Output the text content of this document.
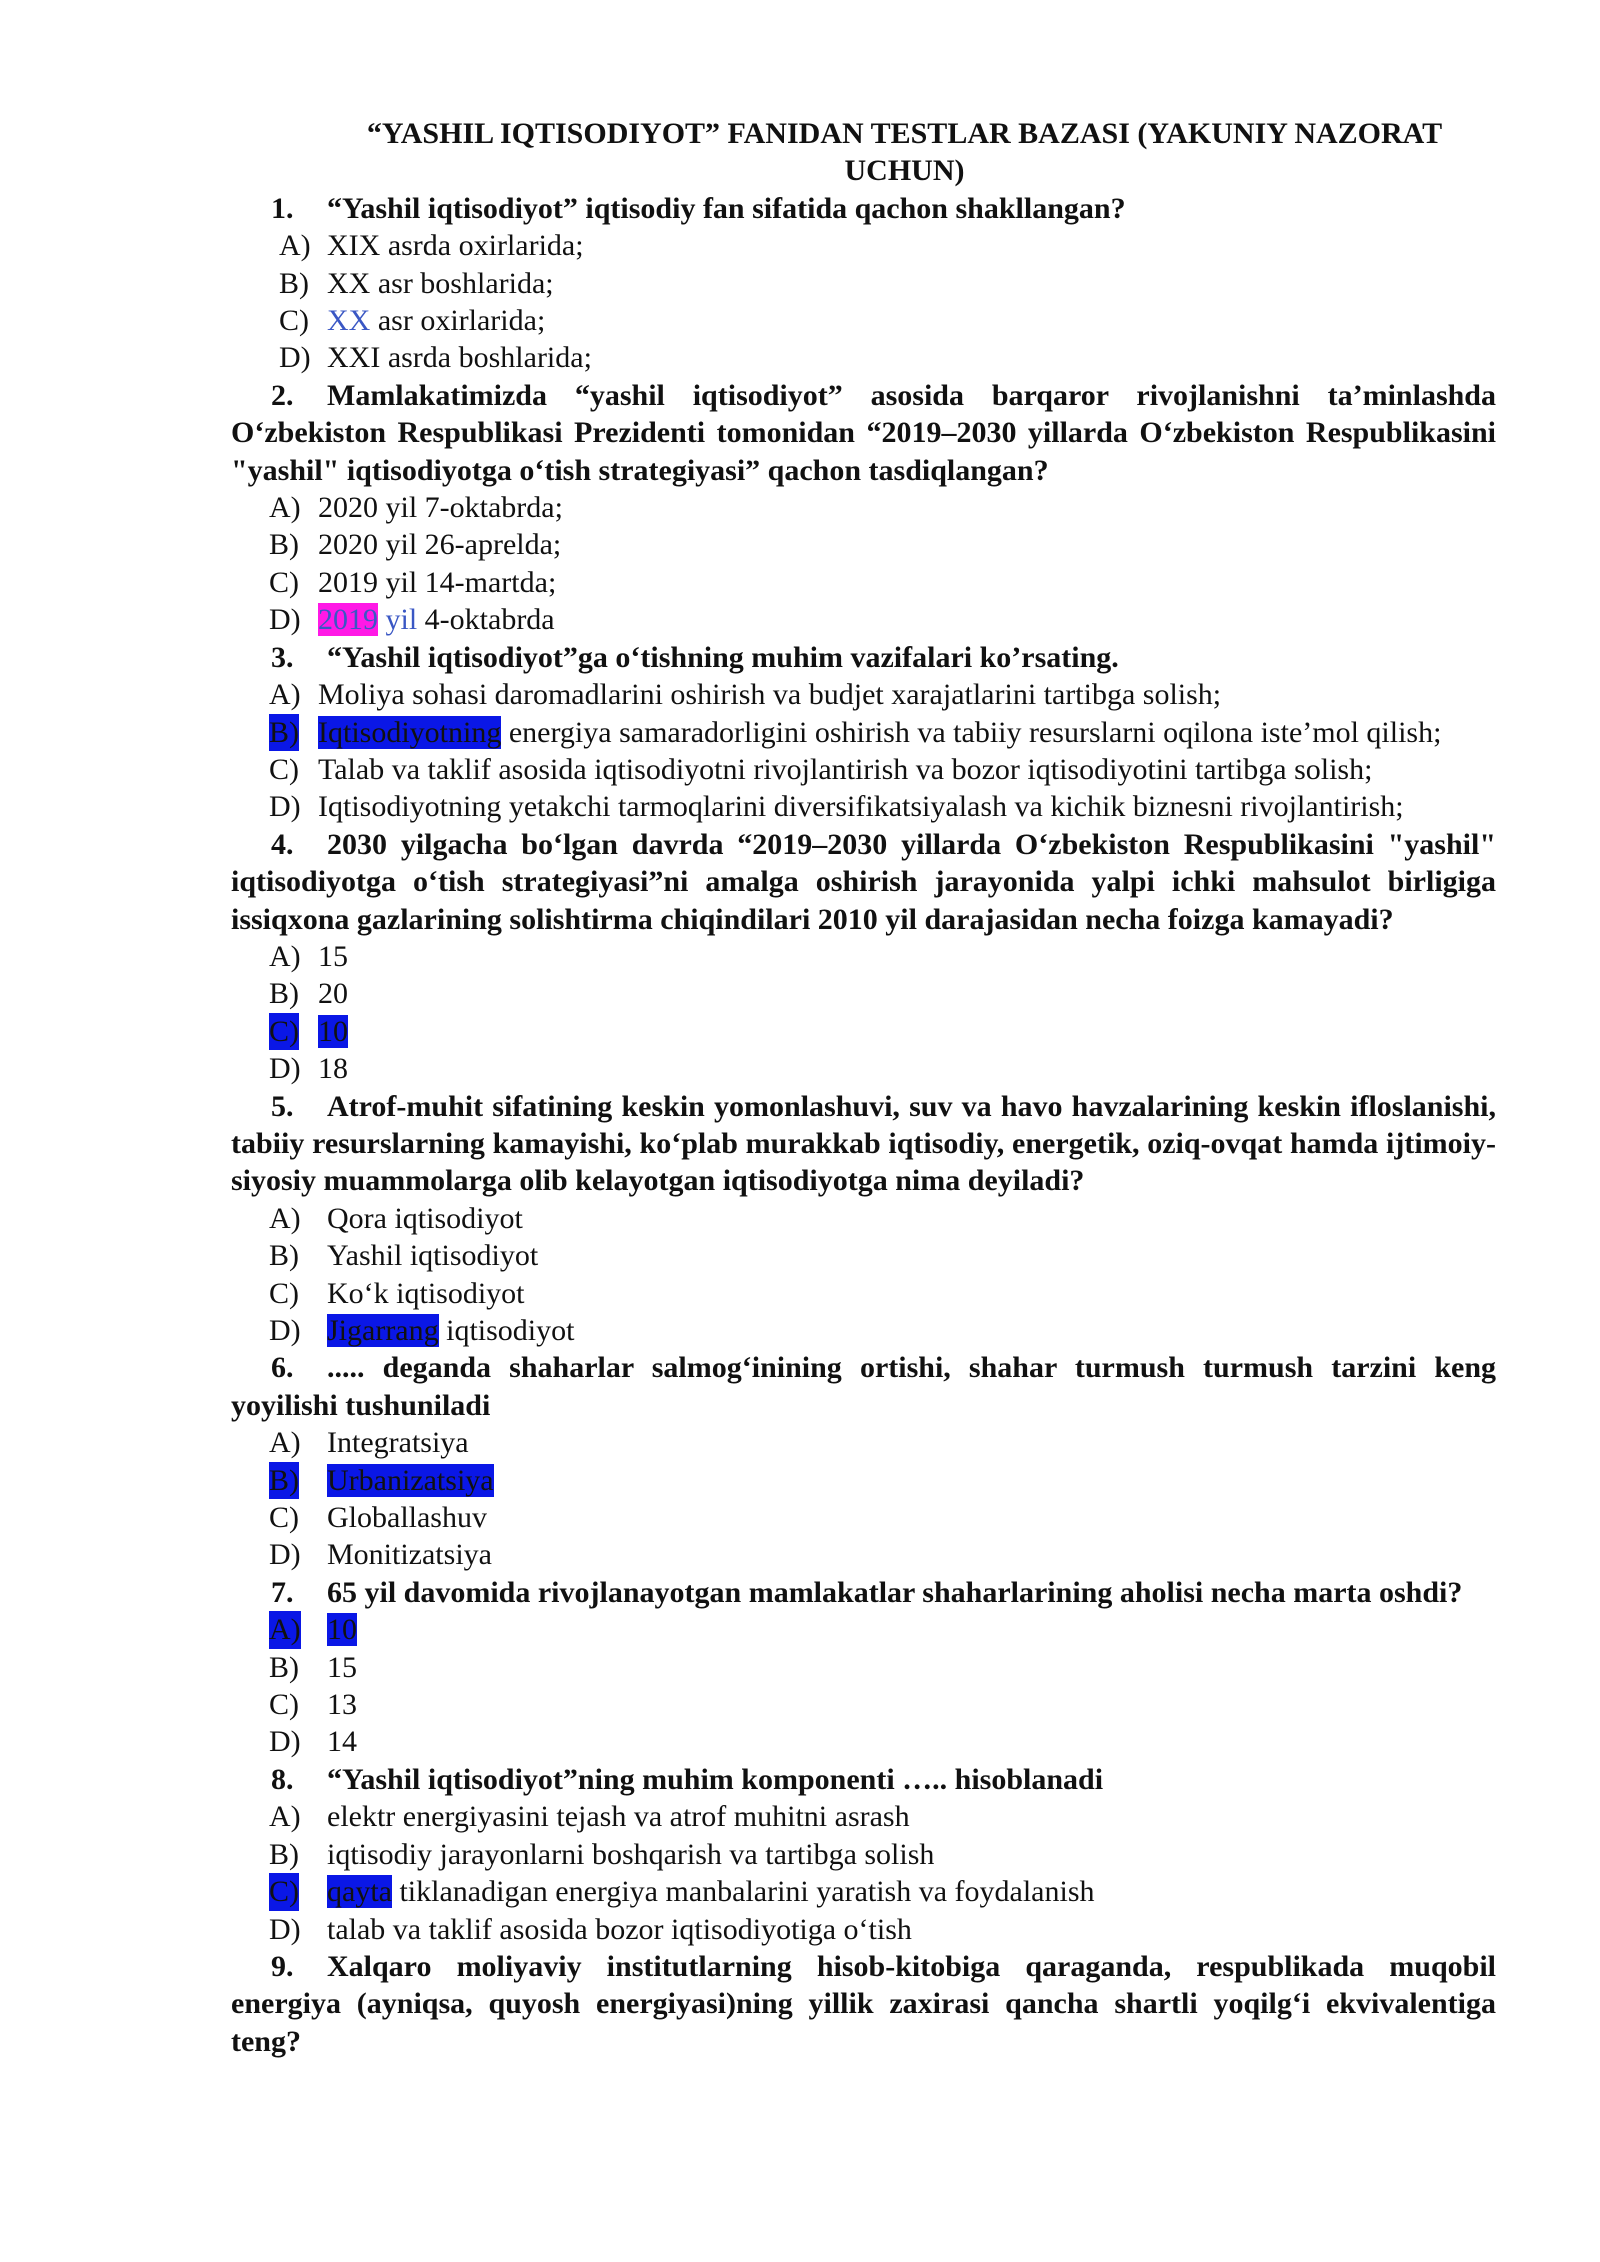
“YASHIL IQTISODIYOT” FANIDAN TESTLAR BAZASI (YAKUNIY NAZORAT UCHUN)
1. “Yashil iqtisodiyot” iqtisodiy fan sifatida qachon shakllangan?
A) XIX asrda oxirlarida;
B) XX asr boshlarida;
C) XX asr oxirlarida;
D) XXI asrda boshlarida;
2. Mamlakatimizda “yashil iqtisodiyot” asosida barqaror rivojlanishni ta’minlashda O‘zbekiston Respublikasi Prezidenti tomonidan “2019–2030 yillarda O‘zbekiston Respublikasini "yashil" iqtisodiyotga o‘tish strategiyasi” qachon tasdiqlangan?
A) 2020 yil 7-oktabrda;
B) 2020 yil 26-aprelda;
C) 2019 yil 14-martda;
D) 2019 yil 4-oktabrda
3. “Yashil iqtisodiyot”ga o‘tishning muhim vazifalari ko’rsating.
A) Moliya sohasi daromadlarini oshirish va budjet xarajatlarini tartibga solish;
B) Iqtisodiyotning energiya samaradorligini oshirish va tabiiy resurslarni oqilona iste’mol qilish;
C) Talab va taklif asosida iqtisodiyotni rivojlantirish va bozor iqtisodiyotini tartibga solish;
D) Iqtisodiyotning yetakchi tarmoqlarini diversifikatsiyalash va kichik biznesni rivojlantirish;
4. 2030 yilgacha bo‘lgan davrda “2019–2030 yillarda O‘zbekiston Respublikasini "yashil" iqtisodiyotga o‘tish strategiyasi”ni amalga oshirish jarayonida yalpi ichki mahsulot birligiga issiqxona gazlarining solishtirma chiqindilari 2010 yil darajasidan necha foizga kamayadi?
A) 15
B) 20
C) 10
D) 18
5. Atrof-muhit sifatining keskin yomonlashuvi, suv va havo havzalarining keskin ifloslanishi, tabiiy resurslarning kamayishi, ko‘plab murakkab iqtisodiy, energetik, oziq-ovqat hamda ijtimoiy-siyosiy muammolarga olib kelayotgan iqtisodiyotga nima deyiladi?
A) Qora iqtisodiyot
B) Yashil iqtisodiyot
C) Ko‘k iqtisodiyot
D) Jigarrang iqtisodiyot
6. ..... deganda shaharlar salmog‘inining ortishi, shahar turmush turmush tarzini keng yoyilishi tushuniladi
A) Integratsiya
B) Urbanizatsiya
C) Globallashuv
D) Monitizatsiya
7. 65 yil davomida rivojlanayotgan mamlakatlar shaharlarining aholisi necha marta oshdi?
A) 10
B) 15
C) 13
D) 14
8. “Yashil iqtisodiyot”ning muhim komponenti ….. hisoblanadi
A) elektr energiyasini tejash va atrof muhitni asrash
B) iqtisodiy jarayonlarni boshqarish va tartibga solish
C) qayta tiklanadigan energiya manbalarini yaratish va foydalanish
D) talab va taklif asosida bozor iqtisodiyotiga o‘tish
9. Xalqaro moliyaviy institutlarning hisob-kitobiga qaraganda, respublikada muqobil energiya (ayniqsa, quyosh energiyasi)ning yillik zaxirasi qancha shartli yoqilg‘i ekvivalentiga teng?
